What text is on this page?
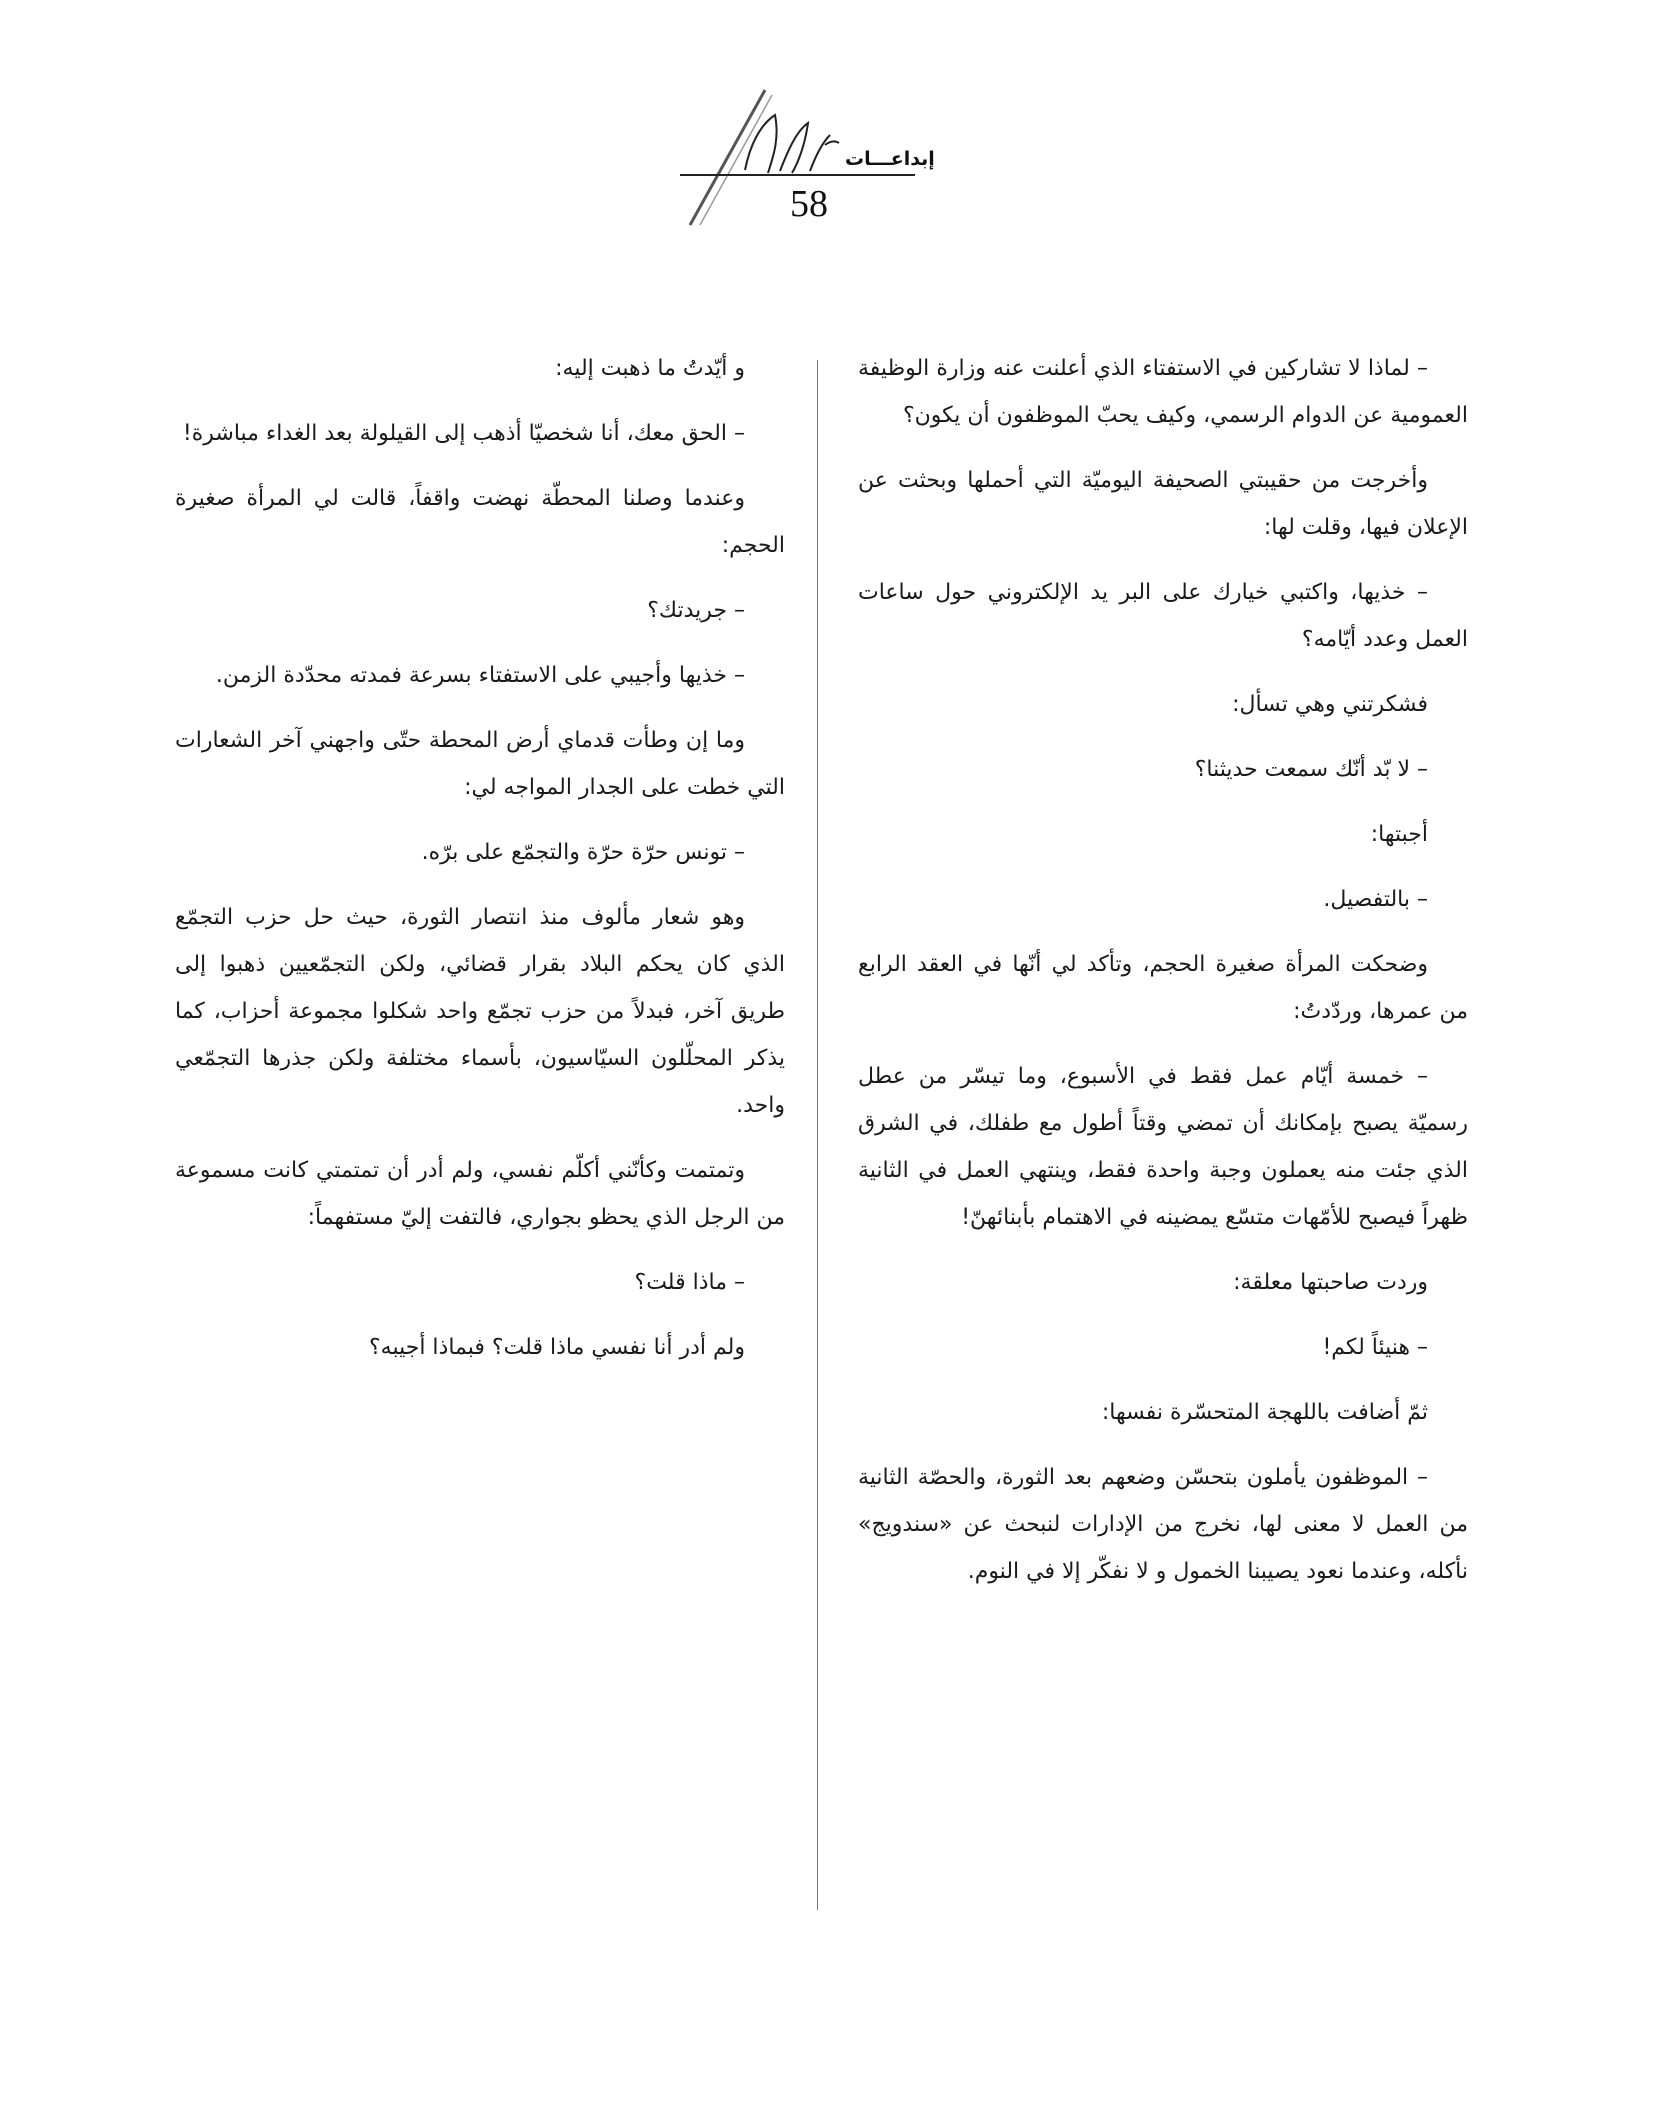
إبداعـــات
58

– لماذا لا تشاركين في الاستفتاء الذي أعلنت عنه وزارة الوظيفة العمومية عن الدوام الرسمي، وكيف يحبّ الموظفون أن يكون؟

وأخرجت من حقيبتي الصحيفة اليوميّة التي أحملها وبحثت عن الإعلان فيها، وقلت لها:

– خذيها، واكتبي خيارك على البر يد الإلكتروني حول ساعات العمل وعدد أيّامه؟

فشكرتني وهي تسأل:

– لا بّد أنّك سمعت حديثنا؟

أجبتها:

– بالتفصيل.

وضحكت المرأة صغيرة الحجم، وتأكد لي أنّها في العقد الرابع من عمرها، وردّدتُ:

– خمسة أيّام عمل فقط في الأسبوع، وما تيسّر من عطل رسميّة يصبح بإمكانك أن تمضي وقتاً أطول مع طفلك، في الشرق الذي جئت منه يعملون وجبة واحدة فقط، وينتهي العمل في الثانية ظهراً فيصبح للأمّهات متسّع يمضينه في الاهتمام بأبنائهنّ!

وردت صاحبتها معلقة:

– هنيئاً لكم!

ثمّ أضافت باللهجة المتحسّرة نفسها:

– الموظفون يأملون بتحسّن وضعهم بعد الثورة، والحصّة الثانية من العمل لا معنى لها، نخرج من الإدارات لنبحث عن «سندويج» نأكله، وعندما نعود يصيبنا الخمول و لا نفكّر إلا في النوم.

و أيّدتُ ما ذهبت إليه:

– الحق معك، أنا شخصيّا أذهب إلى القيلولة بعد الغداء مباشرة!

وعندما وصلنا المحطّة نهضت واقفاً، قالت لي المرأة صغيرة الحجم:

– جريدتك؟

– خذيها وأجيبي على الاستفتاء بسرعة فمدته محدّدة الزمن.

وما إن وطأت قدماي أرض المحطة حتّى واجهني آخر الشعارات التي خطت على الجدار المواجه لي:

– تونس حرّة حرّة والتجمّع على برّه.

وهو شعار مألوف منذ انتصار الثورة، حيث حل حزب التجمّع الذي كان يحكم البلاد بقرار قضائي، ولكن التجمّعيين ذهبوا إلى طريق آخر، فبدلاً من حزب تجمّع واحد شكلوا مجموعة أحزاب، كما يذكر المحلّلون السيّاسيون، بأسماء مختلفة ولكن جذرها التجمّعي واحد.

وتمتمت وكأنّني أكلّم نفسي، ولم أدر أن تمتمتي كانت مسموعة من الرجل الذي يحظو بجواري، فالتفت إليّ مستفهماً:

– ماذا قلت؟

ولم أدر أنا نفسي ماذا قلت؟ فبماذا أجيبه؟
